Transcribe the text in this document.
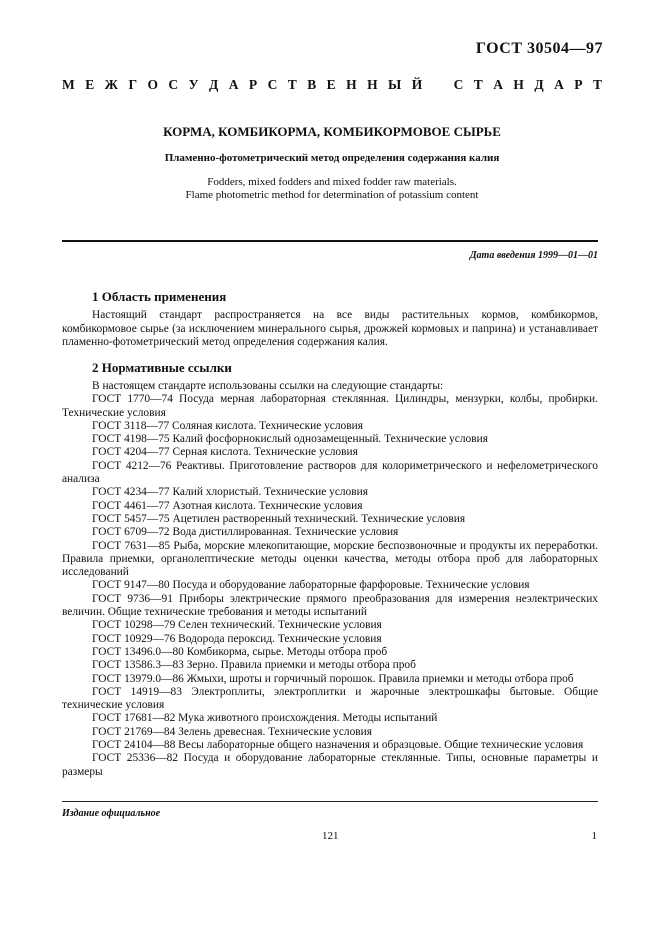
ГОСТ 30504—97
М Е Ж Г О С У Д А Р С Т В Е Н Н Ы Й С Т А Н Д А Р Т
КОРМА, КОМБИКОРМА, КОМБИКОРМОВОЕ СЫРЬЕ
Пламенно-фотометрический метод определения содержания калия
Fodders, mixed fodders and mixed fodder raw materials.
Flame photometric method for determination of potassium content
Дата введения 1999—01—01
1 Область применения
Настоящий стандарт распространяется на все виды растительных кормов, комбикормов, комбикормовое сырье (за исключением минерального сырья, дрожжей кормовых и паприна) и устанавливает пламенно-фотометрический метод определения содержания калия.
2 Нормативные ссылки

В настоящем стандарте использованы ссылки на следующие стандарты:

ГОСТ 1770—74 Посуда мерная лабораторная стеклянная. Цилиндры, мензурки, колбы, пробирки. Технические условия

ГОСТ 3118—77 Соляная кислота. Технические условия

ГОСТ 4198—75 Калий фосфорнокислый однозамещенный. Технические условия

ГОСТ 4204—77 Серная кислота. Технические условия

ГОСТ 4212—76 Реактивы. Приготовление растворов для колориметрического и нефелометрического анализа

ГОСТ 4234—77 Калий хлористый. Технические условия

ГОСТ 4461—77 Азотная кислота. Технические условия

ГОСТ 5457—75 Ацетилен растворенный технический. Технические условия

ГОСТ 6709—72 Вода дистиллированная. Технические условия

ГОСТ 7631—85 Рыба, морские млекопитающие, морские беспозвоночные и продукты их переработки. Правила приемки, органолептические методы оценки качества, методы отбора проб для лабораторных исследований

ГОСТ 9147—80 Посуда и оборудование лабораторные фарфоровые. Технические условия

ГОСТ 9736—91 Приборы электрические прямого преобразования для измерения неэлектрических величин. Общие технические требования и методы испытаний

ГОСТ 10298—79 Селен технический. Технические условия

ГОСТ 10929—76 Водорода пероксид. Технические условия

ГОСТ 13496.0—80 Комбикорма, сырье. Методы отбора проб

ГОСТ 13586.3—83 Зерно. Правила приемки и методы отбора проб

ГОСТ 13979.0—86 Жмыхи, шроты и горчичный порошок. Правила приемки и методы отбора проб

ГОСТ 14919—83 Электроплиты, электроплитки и жарочные электрошкафы бытовые. Общие технические условия

ГОСТ 17681—82 Мука животного происхождения. Методы испытаний

ГОСТ 21769—84 Зелень древесная. Технические условия

ГОСТ 24104—88 Весы лабораторные общего назначения и образцовые. Общие технические условия

ГОСТ 25336—82 Посуда и оборудование лабораторные стеклянные. Типы, основные параметры и размеры

Издание официальное
121	1
